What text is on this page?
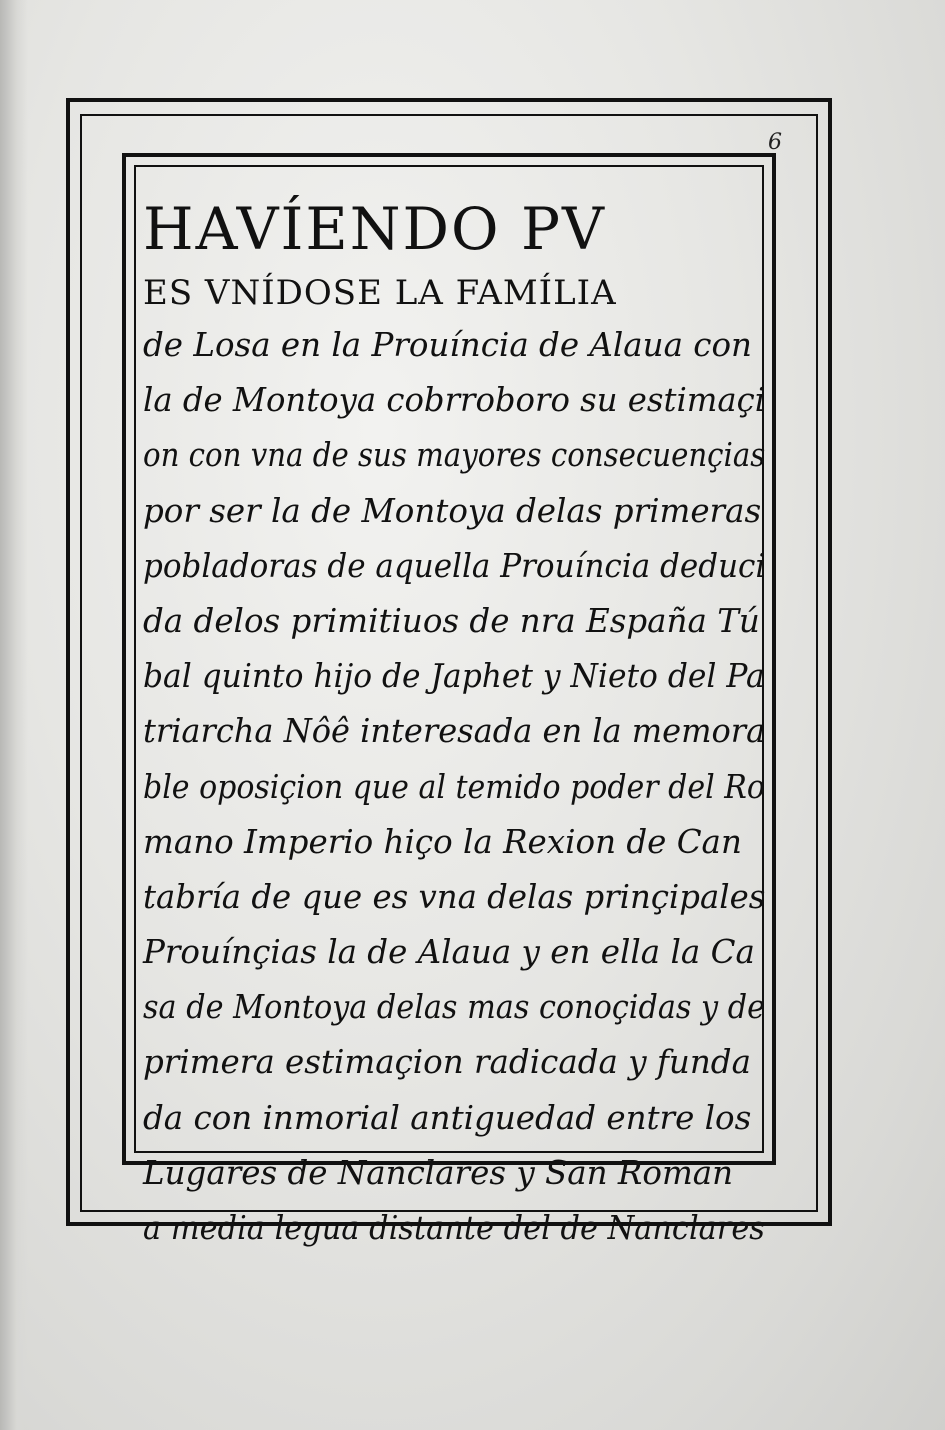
6
HAVÍENDO PV
ES VNÍDOSE LA FAMÍLIA
de Losa en la Prouíncia de Alaua con
la de Montoya cobrroboro su estimaçi
on con vna de sus mayores consecuençias
por ser la de Montoya delas primeras
pobladoras de aquella Prouíncia deduci
da delos primitiuos de nra España Tú
bal quinto hijo de Japhet y Nieto del Pa
triarcha Nôê interesada en la memora
ble oposiçion que al temido poder del Ro
mano Imperio hiço la Rexion de Can
tabría de que es vna delas prinçipales
Prouínçias la de Alaua y en ella la Ca
sa de Montoya delas mas conoçidas y de
primera estimaçion radicada y funda
da con inmorial antiguedad entre los
Lugares de Nanclares y San Roman
a media legua distante del de Nanclares
